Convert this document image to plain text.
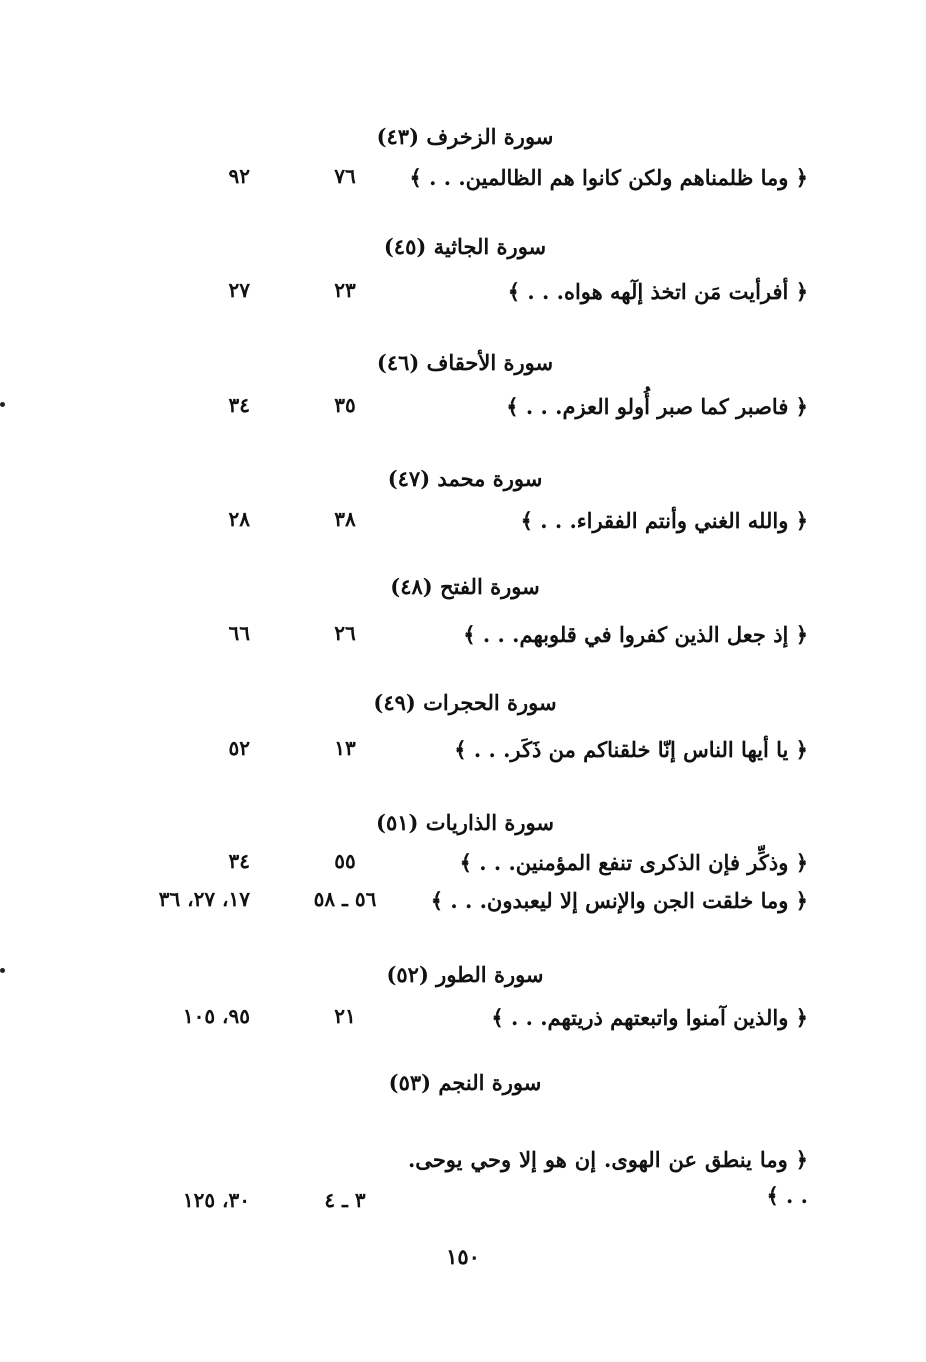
سورة الزخرف (٤٣)
﴿ وما ظلمناهم ولكن كانوا هم الظالمين. . . ﴾
٧٦
٩٢
سورة الجاثية (٤٥)
﴿ أفرأيت مَن اتخذ إلٓهه هواه. . . ﴾
٢٣
٢٧
سورة الأحقاف (٤٦)
﴿ فاصبر كما صبر أُولو العزم. . . ﴾
٣٥
٣٤
سورة محمد (٤٧)
﴿ والله الغني وأنتم الفقراء. . . ﴾
٣٨
٢٨
سورة الفتح (٤٨)
﴿ إذ جعل الذين كفروا في قلوبهم. . . ﴾
٢٦
٦٦
سورة الحجرات (٤٩)
﴿ يا أيها الناس إنّا خلقناكم من ذَكَر. . . ﴾
١٣
٥٢
سورة الذاريات (٥١)
﴿ وذكِّر فإن الذكرى تنفع المؤمنين. . . ﴾
٥٥
٣٤
﴿ وما خلقت الجن والإنس إلا ليعبدون. . . ﴾
٥٦ ـ ٥٨
١٧، ٢٧، ٣٦
سورة الطور (٥٢)
﴿ والذين آمنوا واتبعتهم ذريتهم. . . ﴾
٢١
٩٥، ١٠٥
سورة النجم (٥٣)
﴿ وما ينطق عن الهوى. إن هو إلا وحي يوحى. . . ﴾
٣ ـ ٤
٣٠، ١٢٥
١٥٠
